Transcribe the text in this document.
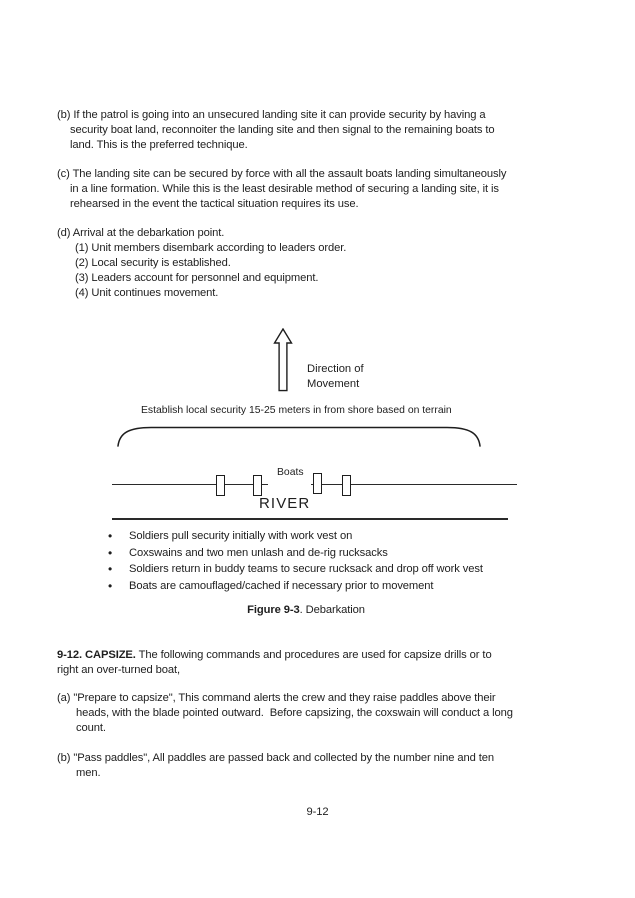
(b) If the patrol is going into an unsecured landing site it can provide security by having a
security boat land, reconnoiter the landing site and then signal to the remaining boats to
land. This is the preferred technique.
(c) The landing site can be secured by force with all the assault boats landing simultaneously
in a line formation. While this is the least desirable method of securing a landing site, it is
rehearsed in the event the tactical situation requires its use.
(d) Arrival at the debarkation point.
(1) Unit members disembark according to leaders order.
(2) Local security is established.
(3) Leaders account for personnel and equipment.
(4) Unit continues movement.
Direction of
Movement
Establish local security 15-25 meters in from shore based on terrain
Boats
RIVER
•	Soldiers pull security initially with work vest on
•	Coxswains and two men unlash and de-rig rucksacks
•	Soldiers return in buddy teams to secure rucksack and drop off work vest
•	Boats are camouflaged/cached if necessary prior to movement
Figure 9-3. Debarkation
9-12. CAPSIZE. The following commands and procedures are used for capsize drills or to
right an over-turned boat,
(a) "Prepare to capsize", This command alerts the crew and they raise paddles above their
heads, with the blade pointed outward.  Before capsizing, the coxswain will conduct a long
count.
(b) "Pass paddles", All paddles are passed back and collected by the number nine and ten
men.
9-12
